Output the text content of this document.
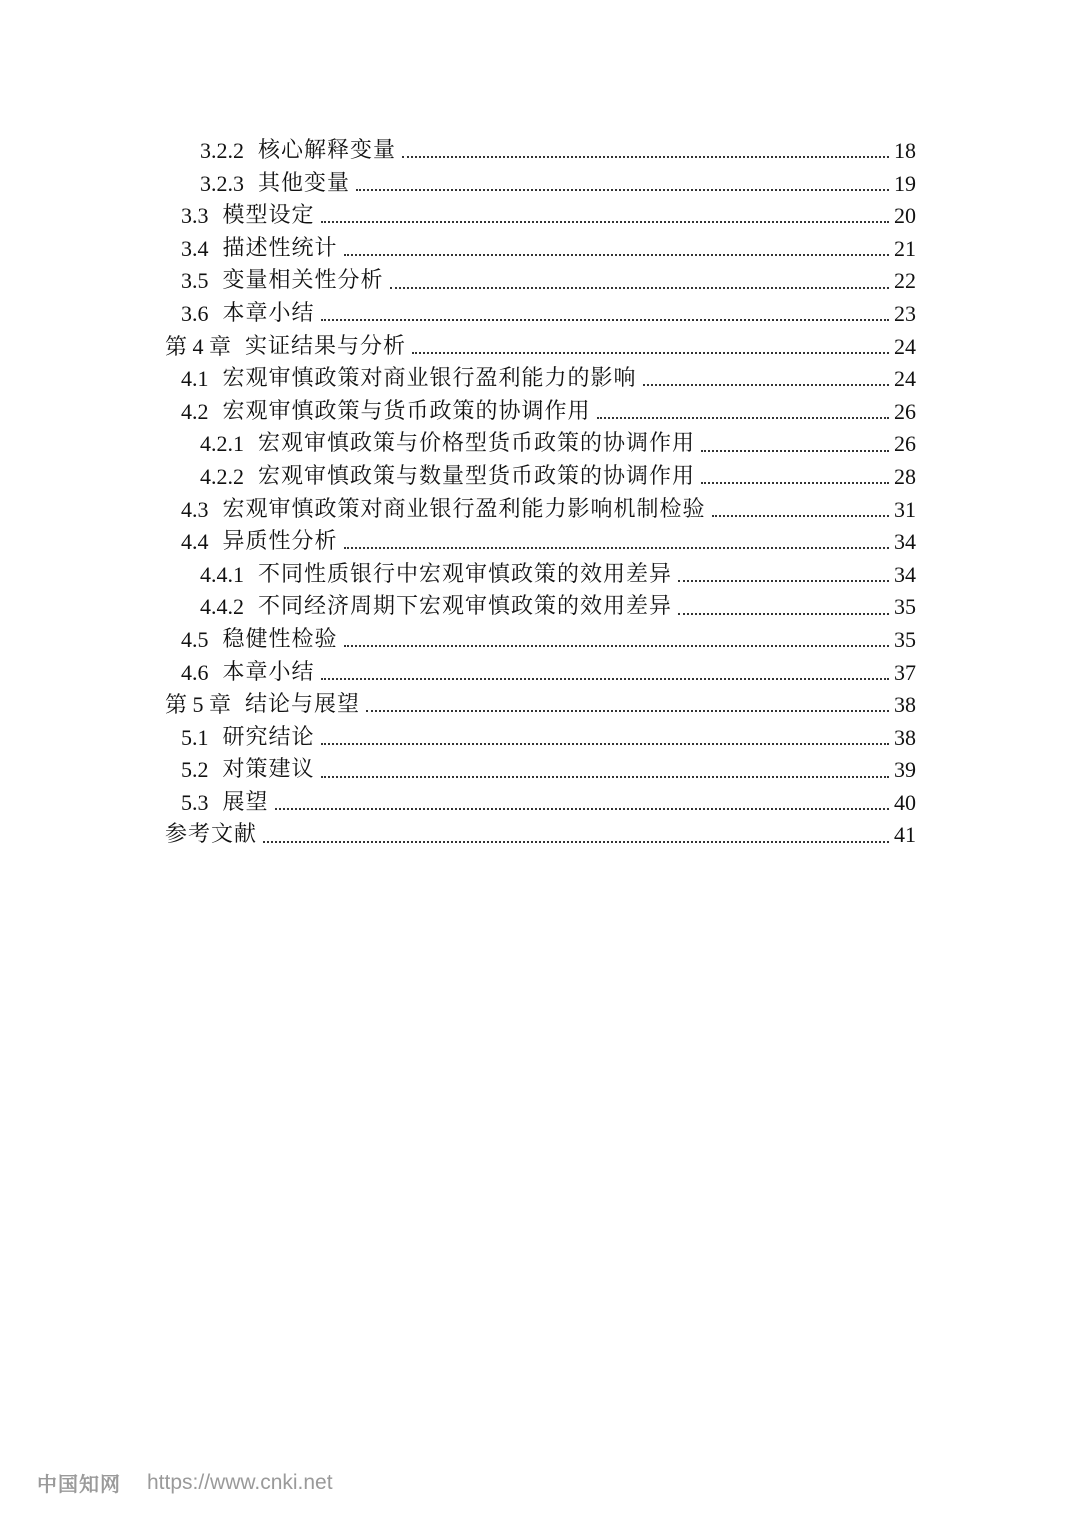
3.2.2 核心解释变量	18
3.2.3 其他变量	19
3.3 模型设定	20
3.4 描述性统计	21
3.5 变量相关性分析	22
3.6 本章小结	23
第 4 章 实证结果与分析	24
4.1 宏观审慎政策对商业银行盈利能力的影响	24
4.2 宏观审慎政策与货币政策的协调作用	26
4.2.1 宏观审慎政策与价格型货币政策的协调作用	26
4.2.2 宏观审慎政策与数量型货币政策的协调作用	28
4.3 宏观审慎政策对商业银行盈利能力影响机制检验	31
4.4 异质性分析	34
4.4.1 不同性质银行中宏观审慎政策的效用差异	34
4.4.2 不同经济周期下宏观审慎政策的效用差异	35
4.5 稳健性检验	35
4.6 本章小结	37
第 5 章 结论与展望	38
5.1 研究结论	38
5.2 对策建议	39
5.3 展望	40
参考文献	41
中国知网 https://www.cnki.net
